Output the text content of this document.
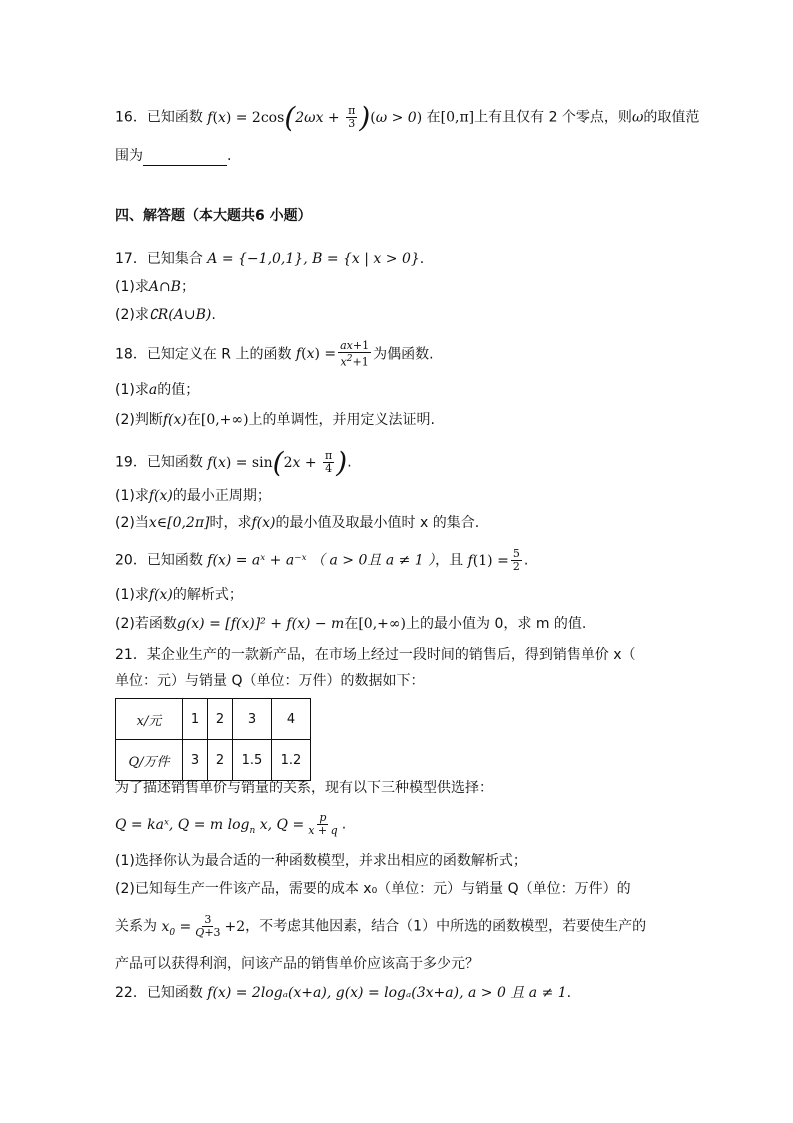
16．已知函数 $f(x) = 2\cos(2\omega x + \frac{\pi}{3} )(\omega > 0)$ 在[0,π]上有且仅有 2 个零点，则ω的取值范
围为	.
四、解答题（本大题共6 小题）
17．已知集合 A = {−1,0,1}, B = {x | x > 0}.
(1)求A∩B；
(2)求∁R(A∪B).
18．已知定义在 R 上的函数 $f(x) = \frac{ax+1}{x^2+1}$ 为偶函数.
(1)求a的值；
(2)判断f(x)在[0,+∞)上的单调性，并用定义法证明.
19．已知函数 $f(x) = \sin(2x + \frac{\pi}{4}$ ).
(1)求f(x)的最小正周期；
(2)当x∈[0,2π]时，求f(x)的最小值及取最小值时 x 的集合.
20．已知函数 f(x) = aˣ + a⁻ˣ （ a > 0且 a ≠ 1 ），且 $f(1) = \frac{5}{2}$ .
(1)求f(x)的解析式；
(2)若函数g(x) = [f(x)]² + f(x) − m在[0,+∞)上的最小值为 0，求 m 的值.
21．某企业生产的一款新产品，在市场上经过一段时间的销售后，得到销售单价 x（
单位：元）与销量 Q（单位：万件）的数据如下：
x/元	1	2	3	4
Q/万件	3	2	1.5	1.2
为了描述销售单价与销量的关系，现有以下三种模型供选择：
Q = kaˣ, Q = m $\log_n x$, $Q = \frac{p}{x + q}$ .
(1)选择你认为最合适的一种函数模型，并求出相应的函数解析式；
(2)已知每生产一件该产品，需要的成本 x₀（单位：元）与销量 Q（单位：万件）的
关系为 $x_0 = \frac{3}{Q+3} +2$，不考虑其他因素，结合（1）中所选的函数模型，若要使生产的
产品可以获得利润，问该产品的销售单价应该高于多少元？
22．已知函数 f(x) = 2logₐ(x+a), g(x) = logₐ(3x+a), a > 0 且 a ≠ 1.
